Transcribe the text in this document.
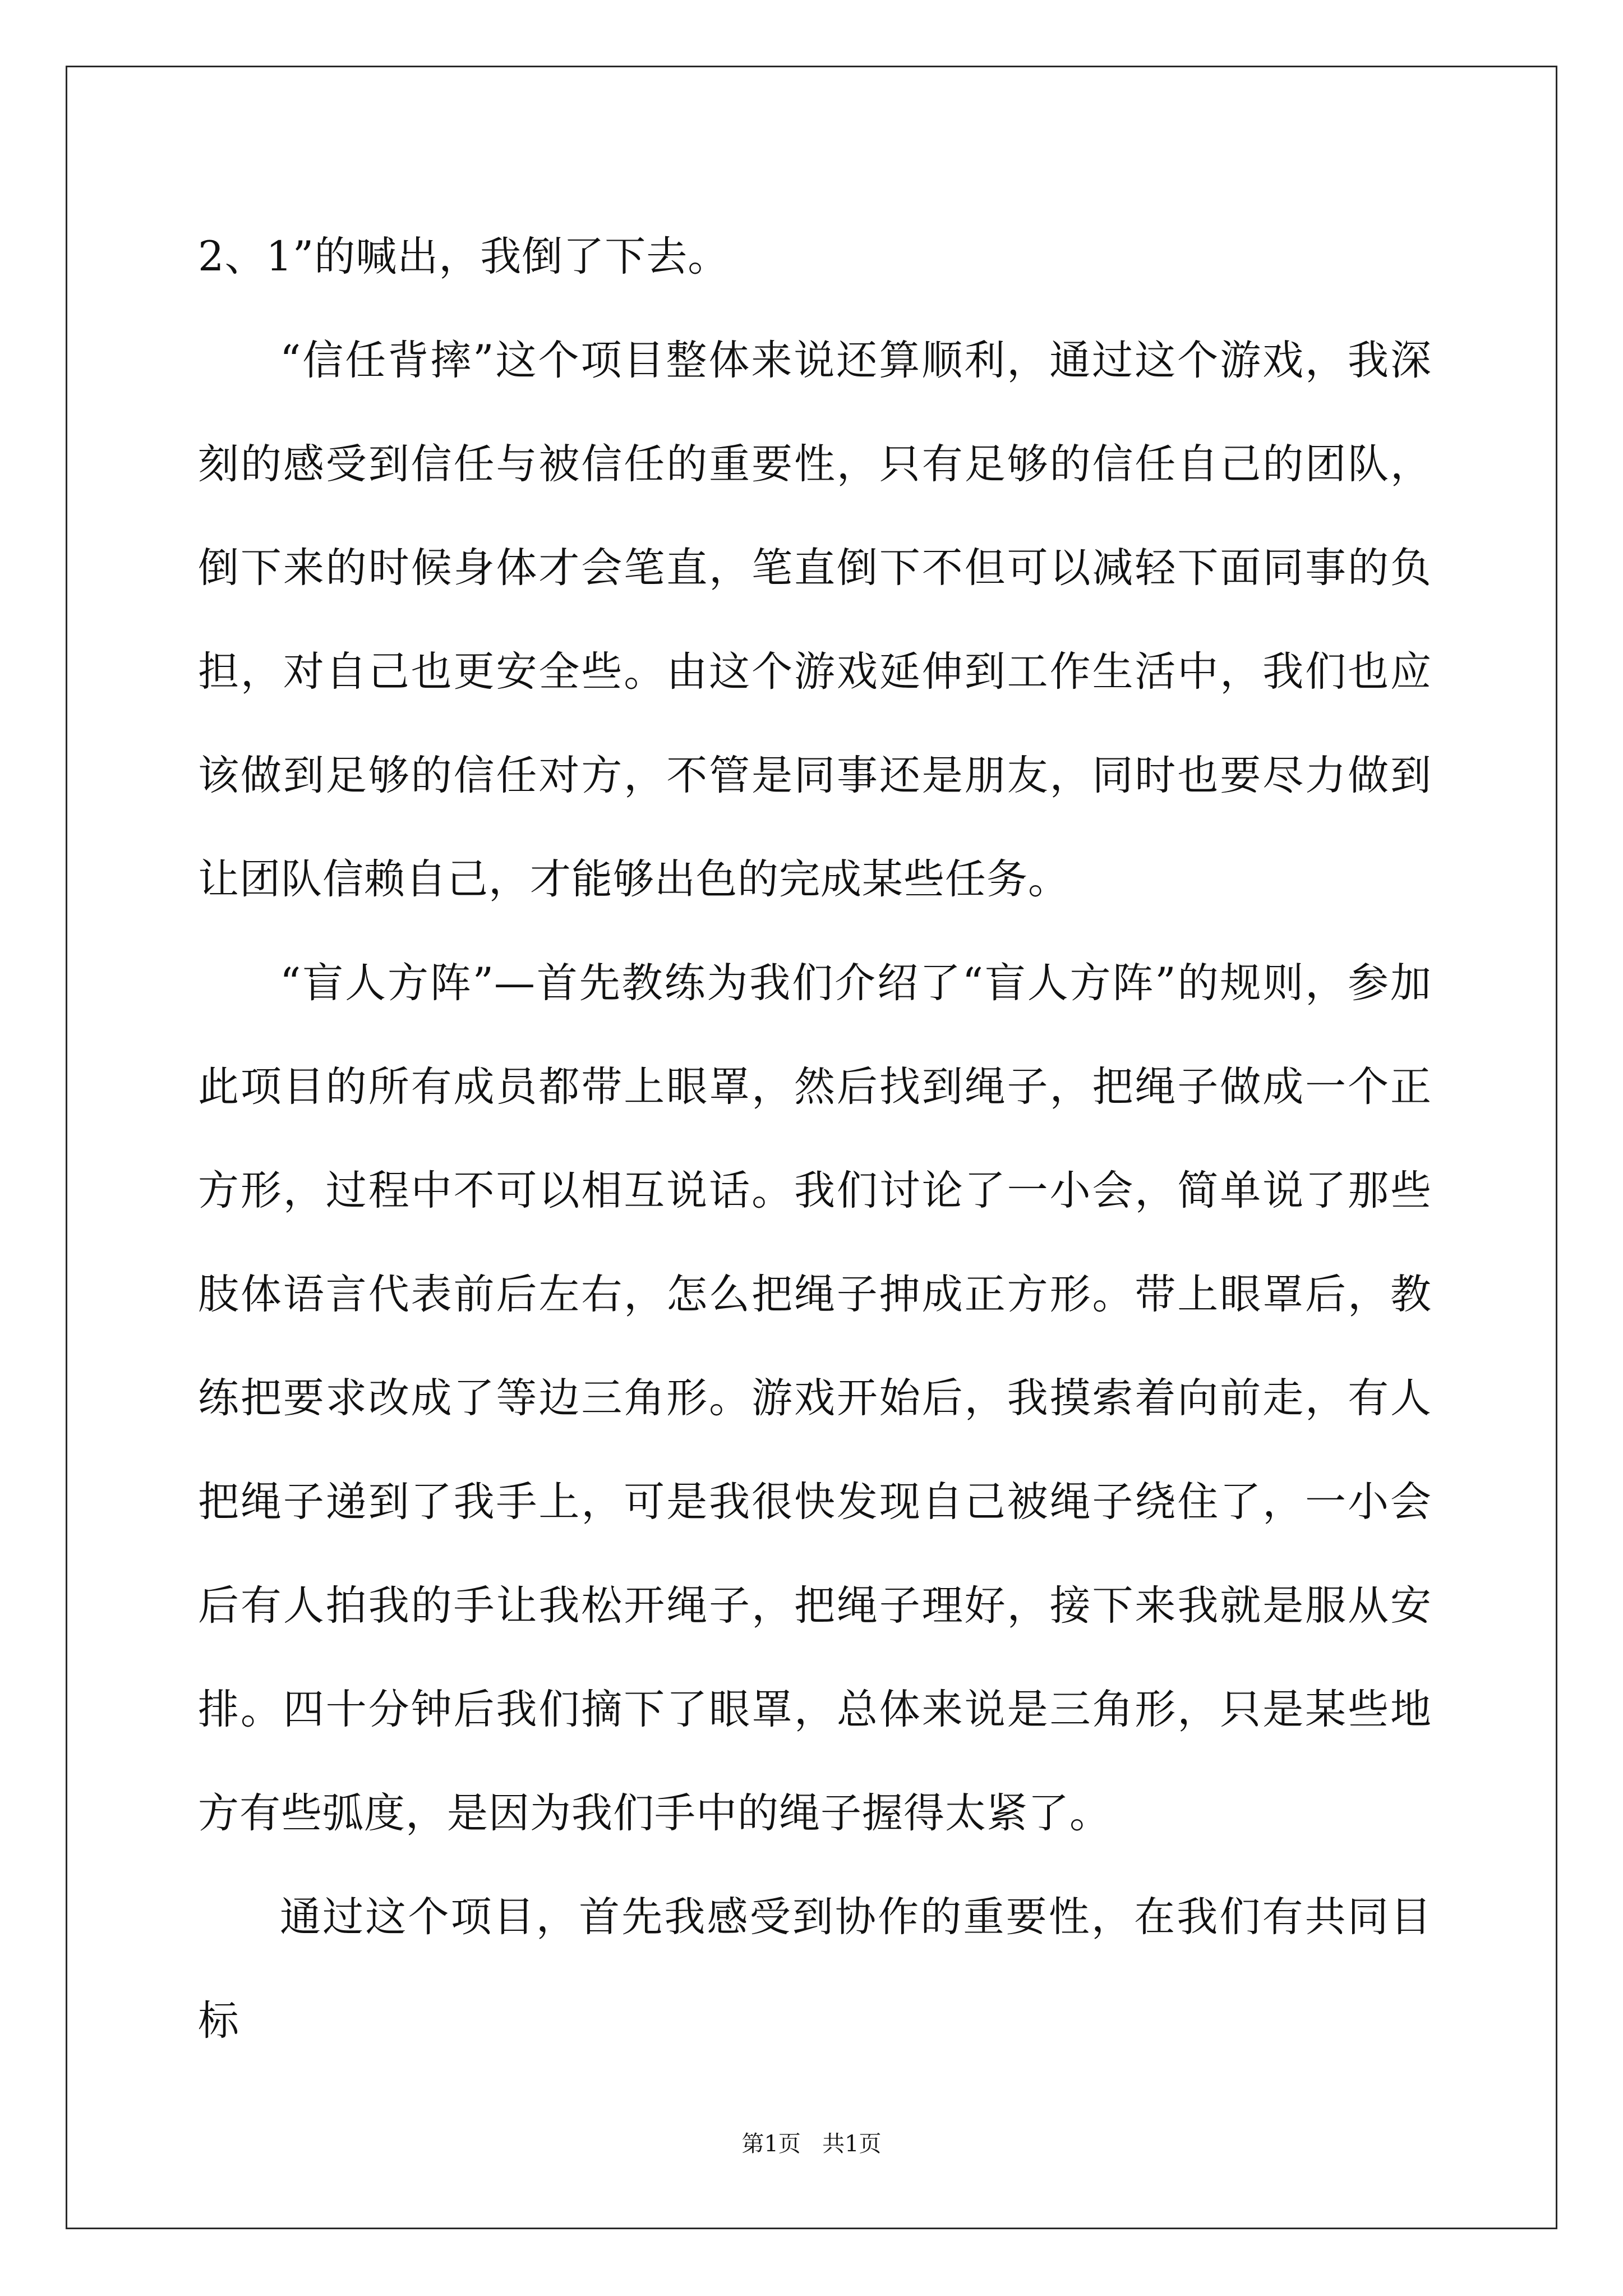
2、1”的喊出，我倒了下去。

“信任背摔”这个项目整体来说还算顺利，通过这个游戏，我深刻的感受到信任与被信任的重要性，只有足够的信任自己的团队，倒下来的时候身体才会笔直，笔直倒下不但可以减轻下面同事的负担，对自己也更安全些。由这个游戏延伸到工作生活中，我们也应该做到足够的信任对方，不管是同事还是朋友，同时也要尽力做到让团队信赖自己，才能够出色的完成某些任务。

“盲人方阵”—首先教练为我们介绍了“盲人方阵”的规则，参加此项目的所有成员都带上眼罩，然后找到绳子，把绳子做成一个正方形，过程中不可以相互说话。我们讨论了一小会，简单说了那些肢体语言代表前后左右，怎么把绳子抻成正方形。带上眼罩后，教练把要求改成了等边三角形。游戏开始后，我摸索着向前走，有人把绳子递到了我手上，可是我很快发现自己被绳子绕住了，一小会后有人拍我的手让我松开绳子，把绳子理好，接下来我就是服从安排。四十分钟后我们摘下了眼罩，总体来说是三角形，只是某些地方有些弧度，是因为我们手中的绳子握得太紧了。

通过这个项目，首先我感受到协作的重要性，在我们有共同目标

第1页 共1页
